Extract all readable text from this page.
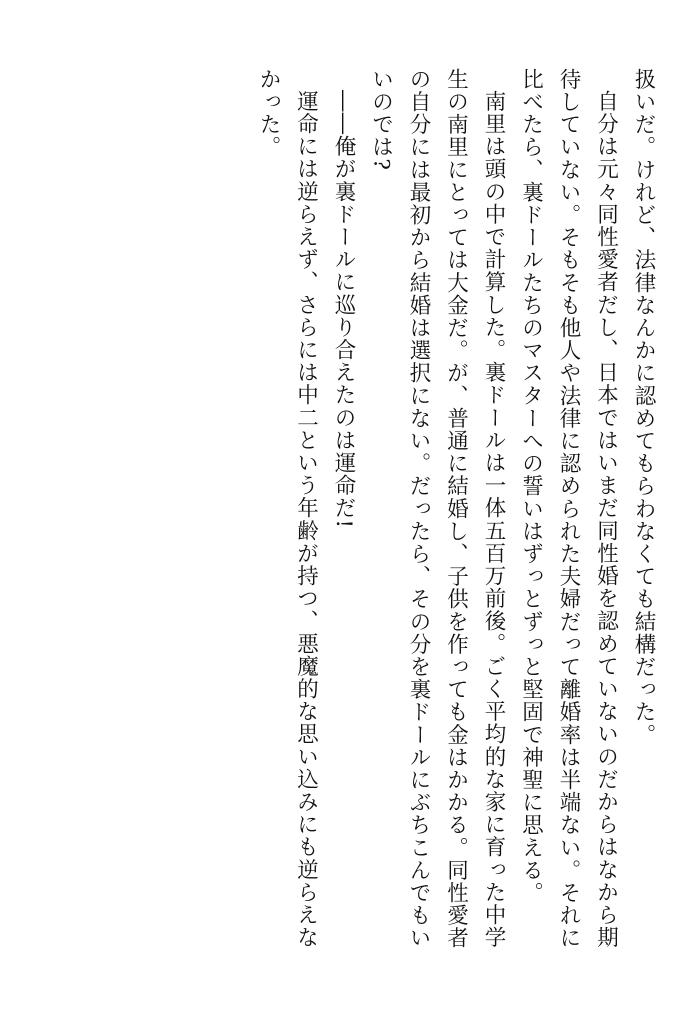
扱いだ。けれど、法律なんかに認めてもらわなくても結構だった。

自分は元々同性愛者だし、日本ではいまだ同性婚を認めていないのだからはなから期待していない。そもそも他人や法律に認められた夫婦だって離婚率は半端ない。それに比べたら、裏ドールたちのマスターへの誓いはずっとずっと堅固で神聖に思える。

南里は頭の中で計算した。裏ドールは一体五百万前後。ごく平均的な家に育った中学生の南里にとっては大金だ。が、普通に結婚し、子供を作っても金はかかる。同性愛者の自分には最初から結婚は選択にない。だったら、その分を裏ドールにぶちこんでもいいのでは?

――俺が裏ドールに巡り合えたのは運命だ!

運命には逆らえず、さらには中二という年齢が持つ、悪魔的な思い込みにも逆らえなかった。
